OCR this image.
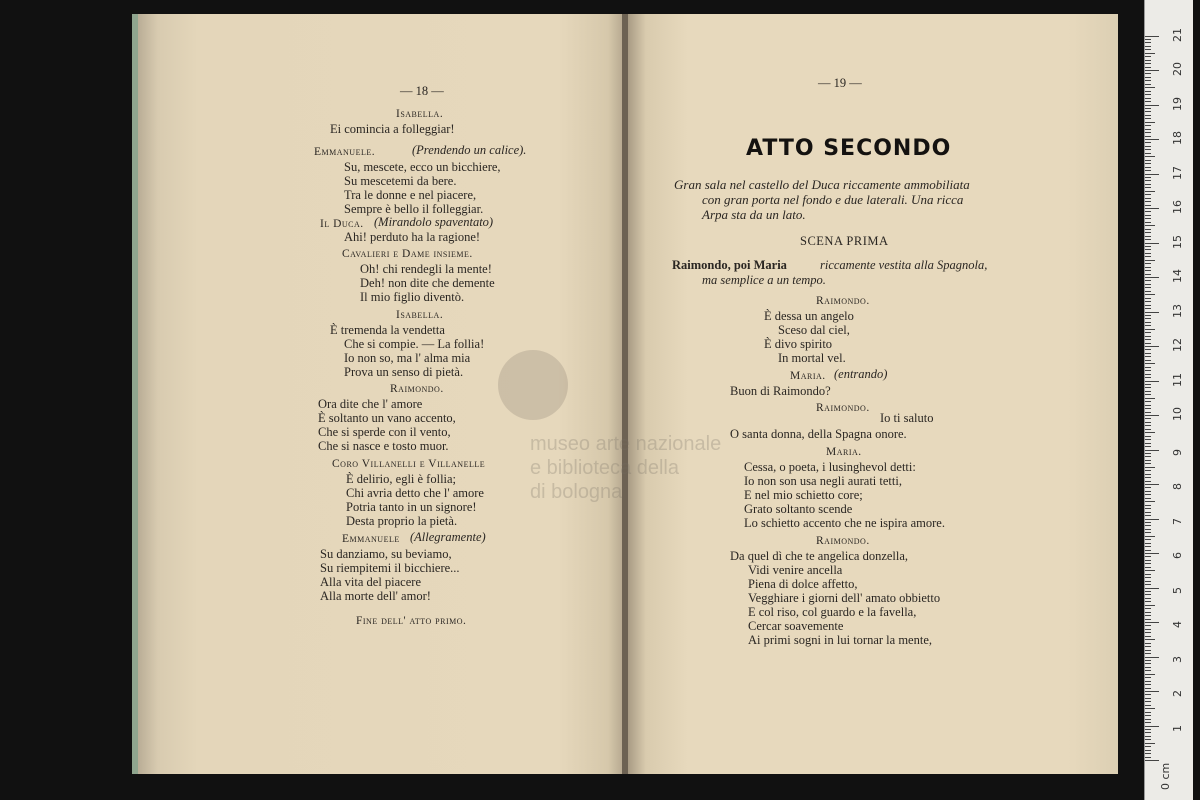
— 18 —
Isabella.
Ei comincia a folleggiar!
Emmanuele.	(Prendendo un calice).
Su, mescete, ecco un bicchiere,
Su mescetemi da bere.
Tra le donne e nel piacere,
Sempre è bello il folleggiar.
Il Duca. (Mirandolo spaventato)
Ahi! perduto ha la ragione!
Cavalieri e Dame insieme.
Oh! chi rendegli la mente!
Deh! non dite che demente
Il mio figlio diventò.
Isabella.
È tremenda la vendetta
Che si compie. — La follia!
Io non so, ma l' alma mia
Prova un senso di pietà.
Raimondo.
Ora dite che l' amore
È soltanto un vano accento,
Che si sperde con il vento,
Che si nasce e tosto muor.
Coro Villanelli e Villanelle
È delirio, egli è follia;
Chi avria detto che l' amore
Potria tanto in un signore!
Desta proprio la pietà.
Emmanuele (Allegramente)
Su danziamo, su beviamo,
Su riempitemi il bicchiere...
Alla vita del piacere
Alla morte dell' amor!
Fine dell' atto primo.
— 19 —
ATTO SECONDO
Gran sala nel castello del Duca riccamente ammobiliata
con gran porta nel fondo e due laterali. Una ricca
Arpa sta da un lato.
SCENA PRIMA
Raimondo, poi Maria	riccamente vestita alla Spagnola,
ma semplice a un tempo.
Raimondo.
È dessa un angelo
Sceso dal ciel,
È divo spirito
In mortal vel.
Maria. (entrando)
Buon di Raimondo?
Raimondo.
Io ti saluto
O santa donna, della Spagna onore.
Maria.
Cessa, o poeta, i lusinghevol detti:
Io non son usa negli aurati tetti,
E nel mio schietto core;
Grato soltanto scende
Lo schietto accento che ne ispira amore.
Raimondo.
Da quel dì che te angelica donzella,
Vidi venire ancella
Piena di dolce affetto,
Vegghiare i giorni dell' amato obbietto
E col riso, col guardo e la favella,
Cercar soavemente
Ai primi sogni in lui tornar la mente,
museo arte nazionale
e biblioteca della
di bologna
0 cm
1
2
3
4
5
6
7
8
9
10
11
12
13
14
15
16
17
18
19
20
21
